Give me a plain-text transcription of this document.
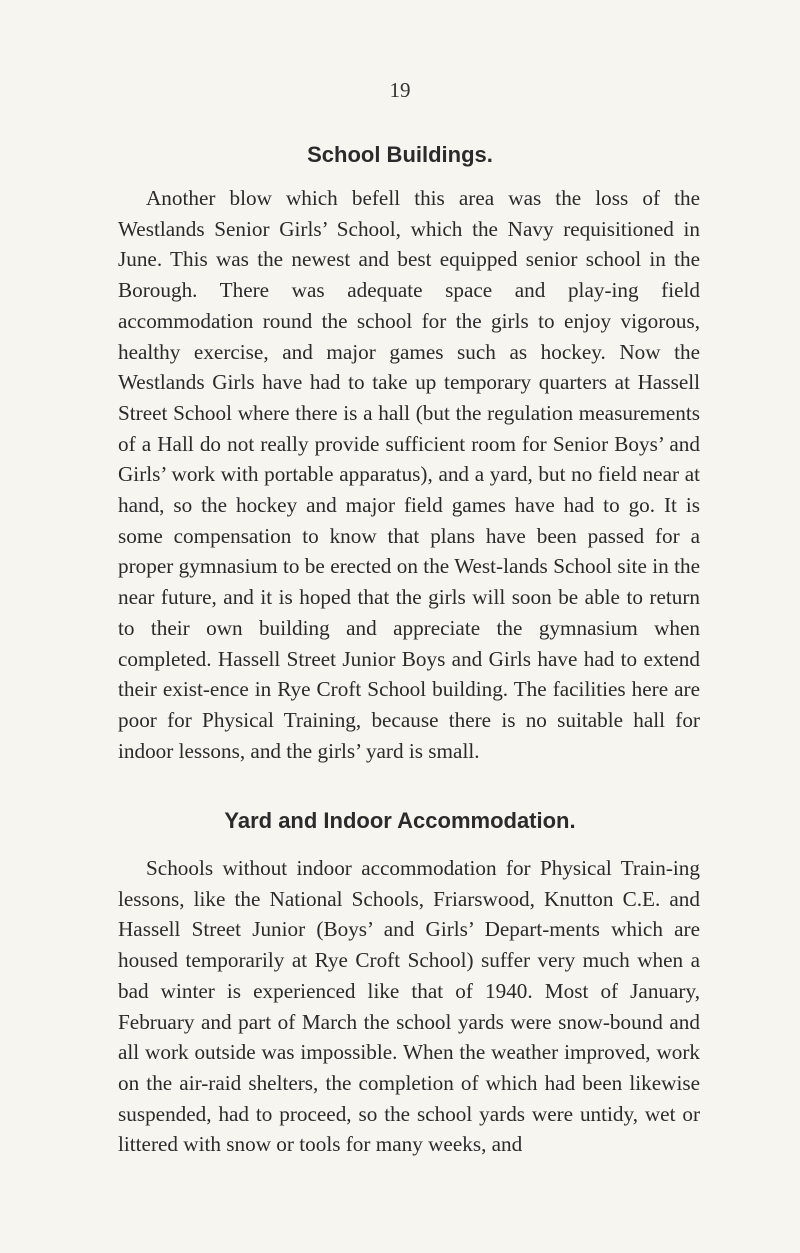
19
School Buildings.
Another blow which befell this area was the loss of the Westlands Senior Girls’ School, which the Navy requisitioned in June. This was the newest and best equipped senior school in the Borough. There was adequate space and play-ing field accommodation round the school for the girls to enjoy vigorous, healthy exercise, and major games such as hockey. Now the Westlands Girls have had to take up temporary quarters at Hassell Street School where there is a hall (but the regulation measurements of a Hall do not really provide sufficient room for Senior Boys’ and Girls’ work with portable apparatus), and a yard, but no field near at hand, so the hockey and major field games have had to go. It is some compensation to know that plans have been passed for a proper gymnasium to be erected on the West-lands School site in the near future, and it is hoped that the girls will soon be able to return to their own building and appreciate the gymnasium when completed. Hassell Street Junior Boys and Girls have had to extend their exist-ence in Rye Croft School building. The facilities here are poor for Physical Training, because there is no suitable hall for indoor lessons, and the girls’ yard is small.
Yard and Indoor Accommodation.
Schools without indoor accommodation for Physical Train-ing lessons, like the National Schools, Friarswood, Knutton C.E. and Hassell Street Junior (Boys’ and Girls’ Depart-ments which are housed temporarily at Rye Croft School) suffer very much when a bad winter is experienced like that of 1940. Most of January, February and part of March the school yards were snow-bound and all work outside was impossible. When the weather improved, work on the air-raid shelters, the completion of which had been likewise suspended, had to proceed, so the school yards were untidy, wet or littered with snow or tools for many weeks, and
